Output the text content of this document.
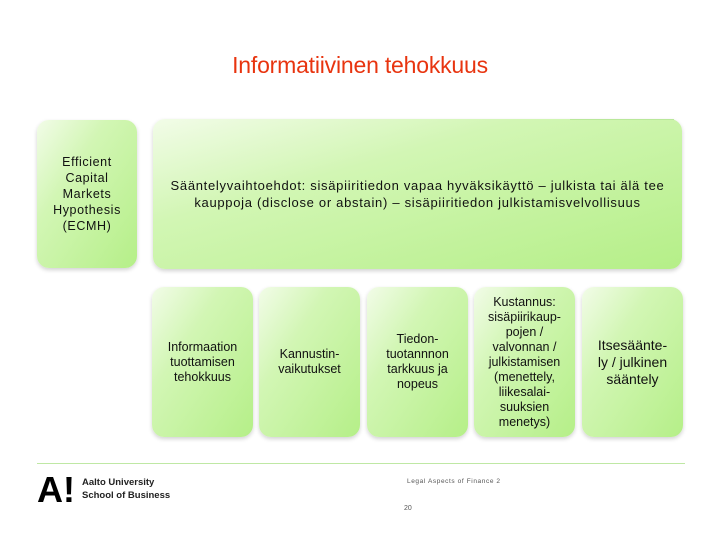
Informatiivinen tehokkuus
Efficient
Capital
Markets
Hypothesis
(ECMH)
Sääntelyvaihtoehdot: sisäpiiritiedon vapaa hyväksikäyttö – julkista tai älä tee kauppoja (disclose or abstain) – sisäpiiritiedon julkistamisvelvollisuus
Informaation
tuottamisen
tehokkuus
Kannustin-
vaikutukset
Tiedon-
tuotannnon
tarkkuus ja
nopeus
Kustannus:
sisäpiirikaup-
pojen /
valvonnan /
julkistamisen
(menettely,
liikesalai-
suuksien
menetys)
Itsesäänte-
ly / julkinen
sääntely
A! Aalto University
School of Business
Legal Aspects of Finance 2
20
